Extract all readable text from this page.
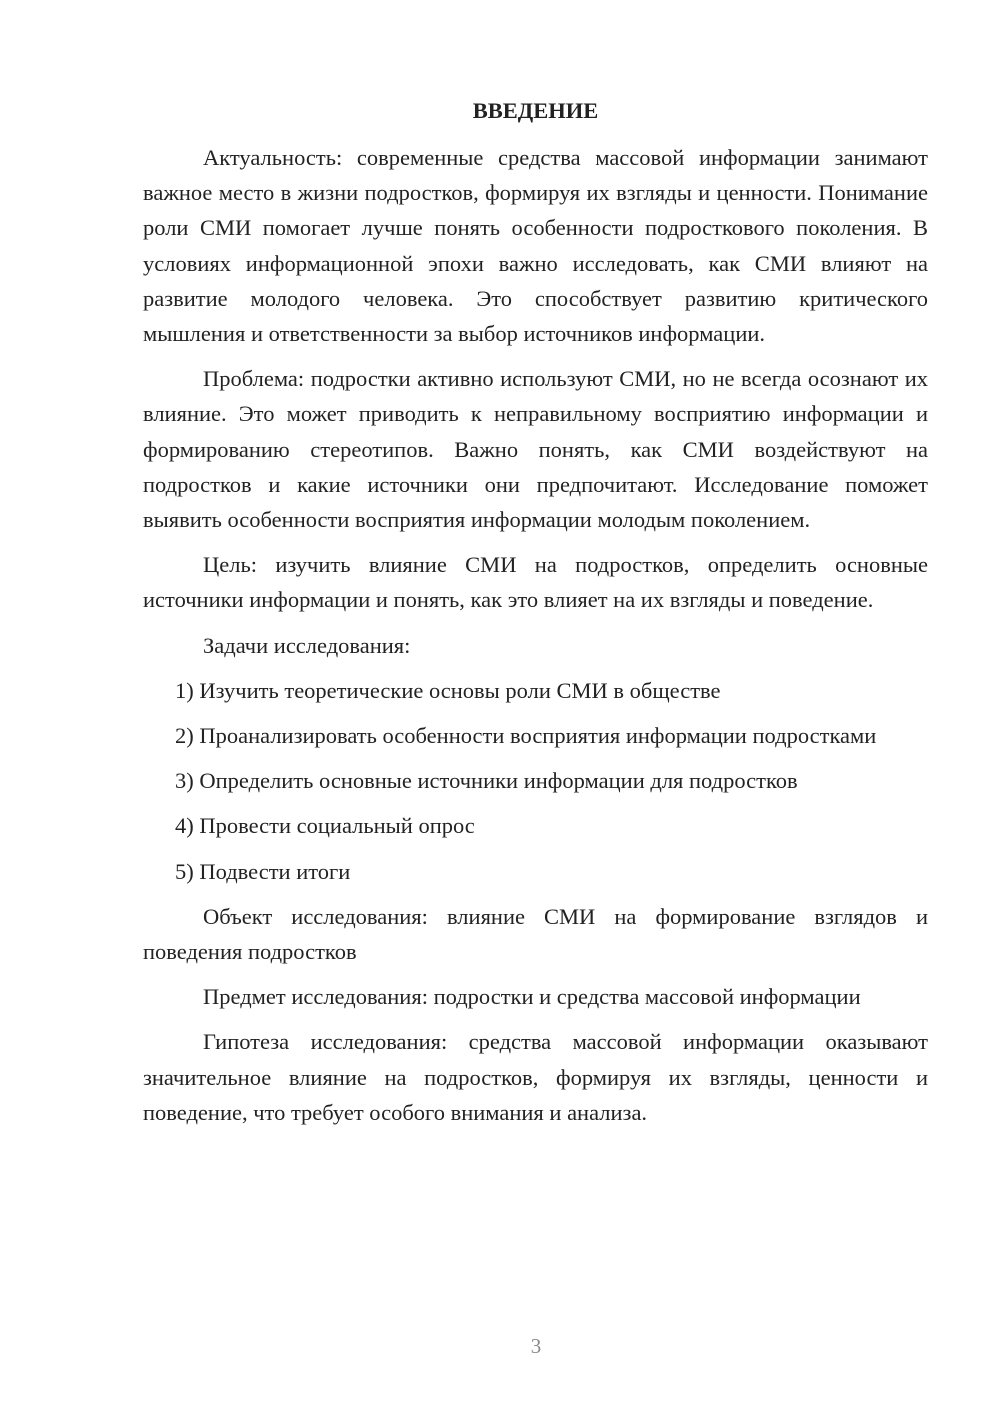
ВВЕДЕНИЕ

Актуальность: современные средства массовой информации занимают важное место в жизни подростков, формируя их взгляды и ценности. Понимание роли СМИ помогает лучше понять особенности подросткового поколения. В условиях информационной эпохи важно исследовать, как СМИ влияют на развитие молодого человека. Это способствует развитию критического мышления и ответственности за выбор источников информации.

Проблема: подростки активно используют СМИ, но не всегда осознают их влияние. Это может приводить к неправильному восприятию информации и формированию стереотипов. Важно понять, как СМИ воздействуют на подростков и какие источники они предпочитают. Исследование поможет выявить особенности восприятия информации молодым поколением.

Цель: изучить влияние СМИ на подростков, определить основные источники информации и понять, как это влияет на их взгляды и поведение.

Задачи исследования:

1) Изучить теоретические основы роли СМИ в обществе

2) Проанализировать особенности восприятия информации подростками

3) Определить основные источники информации для подростков

4) Провести социальный опрос

5) Подвести итоги

Объект исследования: влияние СМИ на формирование взглядов и поведения подростков

Предмет исследования: подростки и средства массовой информации

Гипотеза исследования: средства массовой информации оказывают значительное влияние на подростков, формируя их взгляды, ценности и поведение, что требует особого внимания и анализа.

3
